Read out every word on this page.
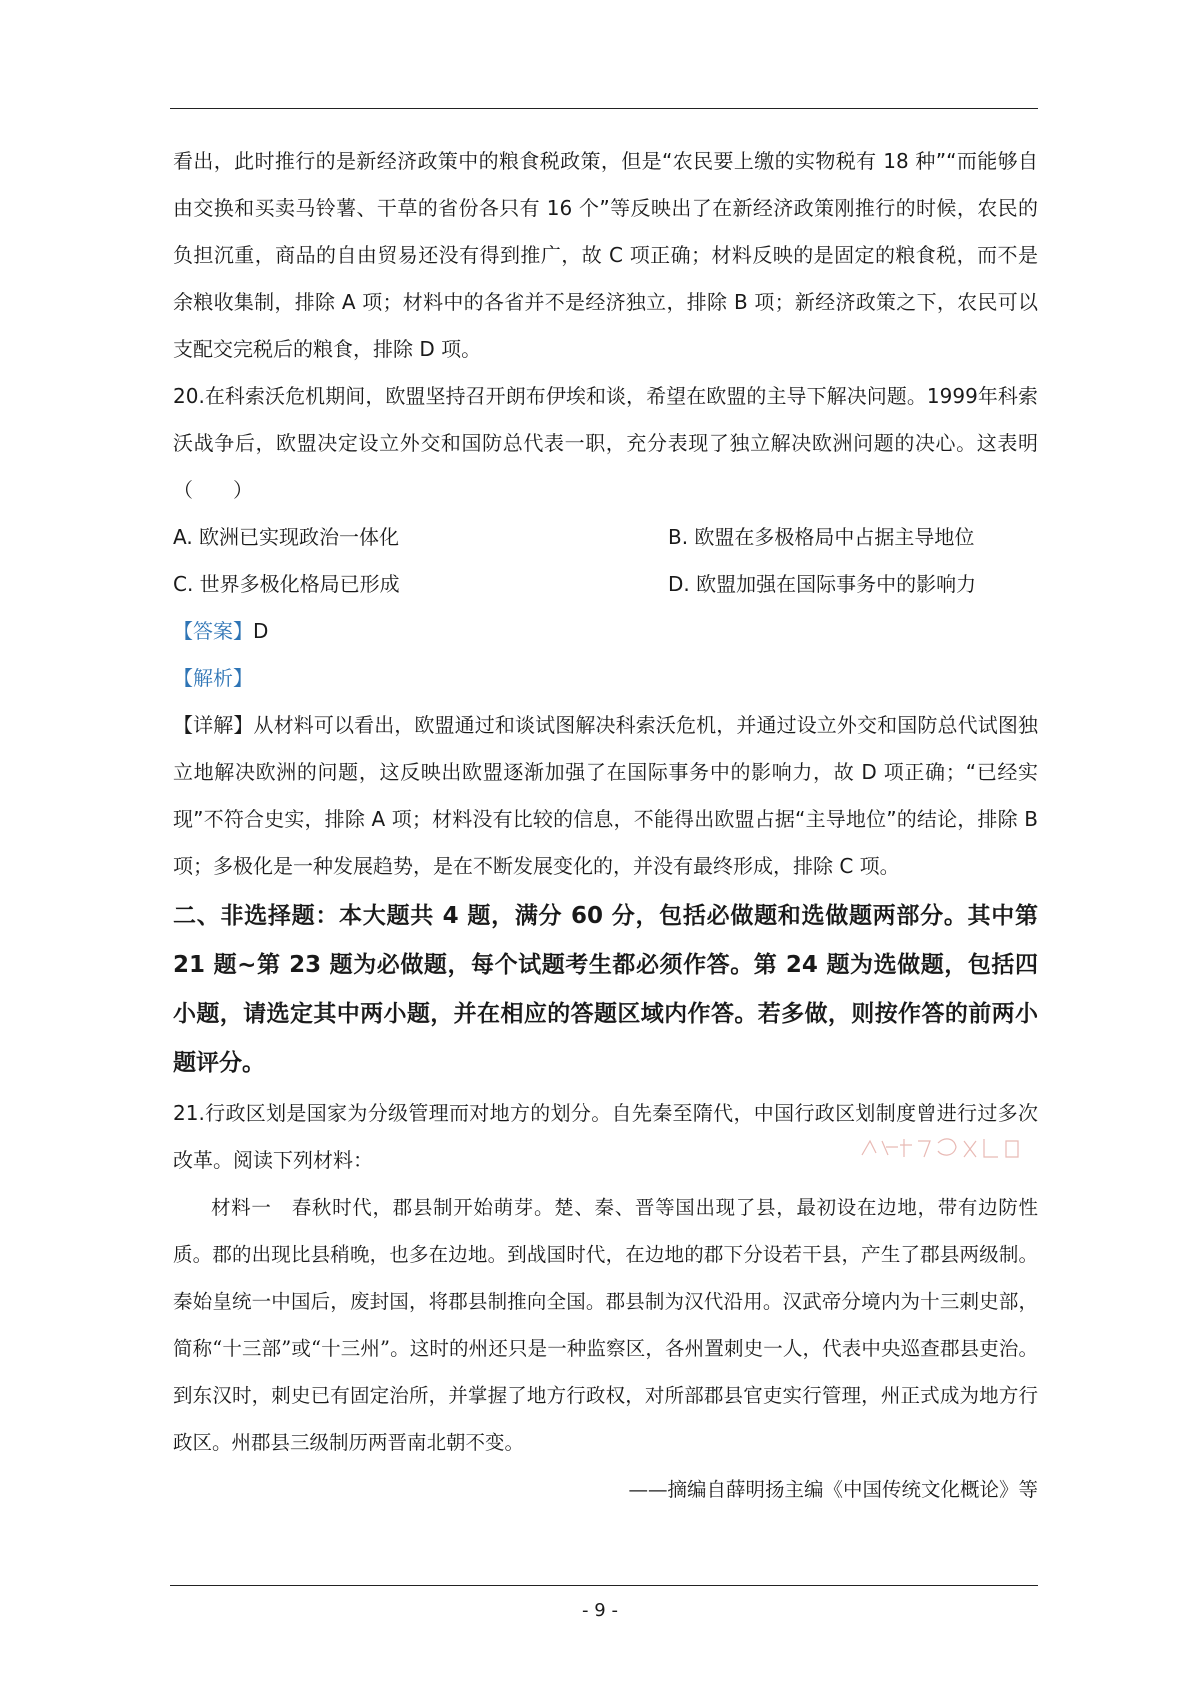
看出，此时推行的是新经济政策中的粮食税政策，但是“农民要上缴的实物税有 18 种”“而能够自由交换和买卖马铃薯、干草的省份各只有 16 个”等反映出了在新经济政策刚推行的时候，农民的负担沉重，商品的自由贸易还没有得到推广，故 C 项正确；材料反映的是固定的粮食税，而不是余粮收集制，排除 A 项；材料中的各省并不是经济独立，排除 B 项；新经济政策之下，农民可以支配交完税后的粮食，排除 D 项。

20.在科索沃危机期间，欧盟坚持召开朗布伊埃和谈，希望在欧盟的主导下解决问题。1999年科索沃战争后，欧盟决定设立外交和国防总代表一职，充分表现了独立解决欧洲问题的决心。这表明（　　）

A. 欧洲已实现政治一体化	B. 欧盟在多极格局中占据主导地位
C. 世界多极化格局已形成	D. 欧盟加强在国际事务中的影响力

【答案】D

【解析】

【详解】从材料可以看出，欧盟通过和谈试图解决科索沃危机，并通过设立外交和国防总代试图独立地解决欧洲的问题，这反映出欧盟逐渐加强了在国际事务中的影响力，故 D 项正确；“已经实现”不符合史实，排除 A 项；材料没有比较的信息，不能得出欧盟占据“主导地位”的结论，排除 B 项；多极化是一种发展趋势，是在不断发展变化的，并没有最终形成，排除 C 项。

二、非选择题：本大题共 4 题，满分 60 分，包括必做题和选做题两部分。其中第 21 题~第 23 题为必做题，每个试题考生都必须作答。第 24 题为选做题，包括四小题，请选定其中两小题，并在相应的答题区域内作答。若多做，则按作答的前两小题评分。

21.行政区划是国家为分级管理而对地方的划分。自先秦至隋代，中国行政区划制度曾进行过多次改革。阅读下列材料：

材料一　春秋时代，郡县制开始萌芽。楚、秦、晋等国出现了县，最初设在边地，带有边防性质。郡的出现比县稍晚，也多在边地。到战国时代，在边地的郡下分设若干县，产生了郡县两级制。秦始皇统一中国后，废封国，将郡县制推向全国。郡县制为汉代沿用。汉武帝分境内为十三刺史部，简称“十三部”或“十三州”。这时的州还只是一种监察区，各州置刺史一人，代表中央巡查郡县吏治。到东汉时，刺史已有固定治所，并掌握了地方行政权，对所部郡县官吏实行管理，州正式成为地方行政区。州郡县三级制历两晋南北朝不变。

——摘编自薛明扬主编《中国传统文化概论》等

- 9 -
